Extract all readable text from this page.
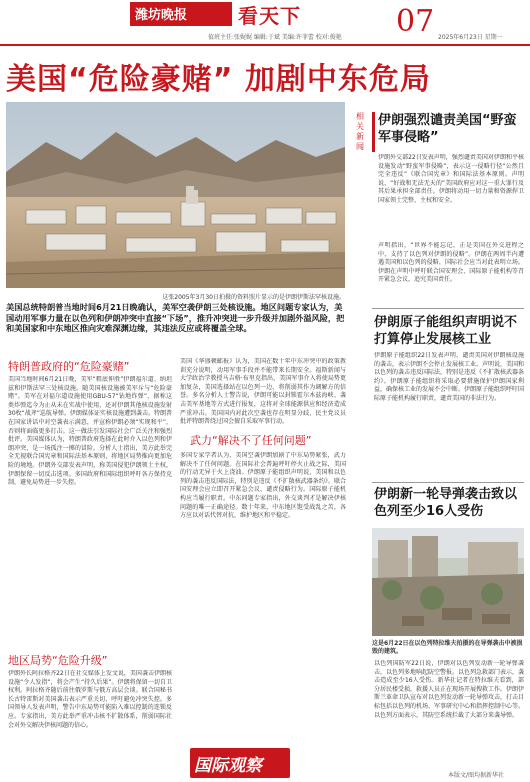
潍坊晚报	看天下	07
值班主任:张娓娓 编辑:于斌 美编:许菲蕾 校对:俊艳	2025年6月23日 星期一
美国“危险豪赌” 加剧中东危局
这张2005年3月30日拍摄的资料照片显示的是伊朗伊斯法罕核设施。
美国总统特朗普当地时间6月21日晚确认，美军空袭伊朗三处核设施。地区问题专家认为，美国动用军事力量在以色列和伊朗冲突中直接“下场”，推升冲突进一步升级并加剧外溢风险，把和美国家和中东地区推向灾难深渊边缘，其违法反应或将覆盖全球。
特朗普政府的“危险豪赌”
美国当地时间6月21日晚，美军“粗底伸胜”伊朗福尔道、纳坦兹和伊斯法罕三处核设施。随美国核设施被美军斥与“危险豪赌”。美军在对福尔道设施使用GBU-57“钻地炸弹”，据称这类炸弹迄今为止从未在实战中使用，还对伊朗其他核设施发射30枚“战斧”巡航导弹。伊朗媒体证实核设施遭到袭击。特朗普在国家讲话中对空袭表示满意，并宣称伊朗必须“实现和平”，否则将面临更多打击。这一做法引发国际社会广泛关注和强烈批评。美国媒体认为，特朗普政府选择在此时介入以色列和伊朗冲突，是一场孤注一掷的冒险。分析人士指出，美方此举完全无视联合国宪章和国际法基本原则，将地区局势推向更加危险的境地。伊朗外交部发表声明，称美国侵犯伊朗领土主权，伊朗保留一切反击选项。多国政府和国际组织呼吁各方保持克制，避免局势进一步失控。
地区局势“危险升级”
伊朗外长阿拉格齐22日在社交媒体上发文说，美国袭击伊朗核设施“令人发指”，将会产生“持久后果”。伊朗将保留一切自卫权利。阿拉格齐随后前往俄罗斯与俄方高层会谈。联合国秘书长古特雷斯对美国袭击表示严重关切，呼吁避免冲突失控。多国领导人发表声明，警告中东局势可能陷入难以控制的连锁反应。专家指出，美方此举严重冲击核不扩散体系，削弱国际社会对外交解决伊核问题的信心。
美国《华盛顿邮报》认为，美国在数十年中东冲突中的政策教训充分说明，动用军事手段并不能带来长期安全。福斯新闻与大学政治学教授马吉格·布里克指出，美国军事介入将使局势更加复杂，美国选择站在以色列一边，将削弱其作为调解方的信誉。多名分析人士警告说，伊朗可能以封锁霍尔木兹海峡、袭击美军基地等方式进行报复，这将对全球能源供应和经济造成严重冲击。美国国内对此次空袭也存在明显分歧，民主党议员批评特朗普绕过国会擅自采取军事行动。
武力“解决不了任何问题”
多国专家学者认为，美国空袭伊朗加剧了中东局势紧张，武力解决不了任何问题。在国际社会普遍呼吁停火止战之际，美国的行动无异于火上浇油。伊朗原子能组织声明说，美国和以色列的袭击违反国际法，特别是违反《不扩散核武器条约》。联合国安理会应立即召开紧急会议，谴责侵略行为。国际原子能机构应当履行职责。中东问题专家指出，外交谈判才是解决伊核问题的唯一正确途径。数十年来，中东地区饱受战乱之苦，各方应以对话代替对抗，维护地区和平稳定。
相关新闻
伊朗强烈谴责美国“野蛮军事侵略”
伊朗外交部22日发表声明，强烈谴责美国对伊朗和平核设施发动“野蛮军事侵略”，表示这一侵略行径“公然且完全违反”《联合国宪章》和国际法基本原则。声明说，“好战和无法无天的”美国政府应对这一重大罪行及其后果承担全部责任。伊朗将动用一切力量和资源捍卫国家领土完整、主权和安全。
声明指出，“世界不能忘记，正是美国在外交进程之中，支持了以色列对伊朗的侵略”。伊朗在两周半内遭遇美国和以色列的侵略，国际社会应当对此表明立场。伊朗在声明中呼吁联合国安理会、国际原子能机构等召开紧急会议，追究美国责任。
伊朗原子能组织声明说不打算停止发展核工业
伊朗原子能组织22日发表声明，谴责美国对伊朗核设施的袭击，表示伊朗不会停止发展核工业。声明说，美国和以色列的袭击违反国际法，特别是违反《不扩散核武器条约》。伊朗原子能组织将采取必要措施保护伊朗国家利益，确保核工业的发展不会中断。伊朗原子能组织呼吁国际原子能机构履行职责，谴责美国的非法行为。
伊朗新一轮导弹袭击致以色列至少16人受伤
这是6月22日在以色列特拉维夫拍摄的在导弹袭击中被损毁的建筑。
以色列国防军22日说，伊朗对以色列发动新一轮导弹袭击，以色列多地响起防空警报。以色列急救部门表示，袭击造成至少16人受伤。新华社记者在特拉维夫看到，部分居民楼受损，救援人员正在现场开展搜救工作。伊朗伊斯兰革命卫队宣布对以色列发动新一轮导弹攻击，打击目标包括以色列的机场、军事研究中心和指挥控制中心等。以色列方面表示，其防空系统拦截了大部分来袭导弹。
国际观察	本版文/图均据新华社
